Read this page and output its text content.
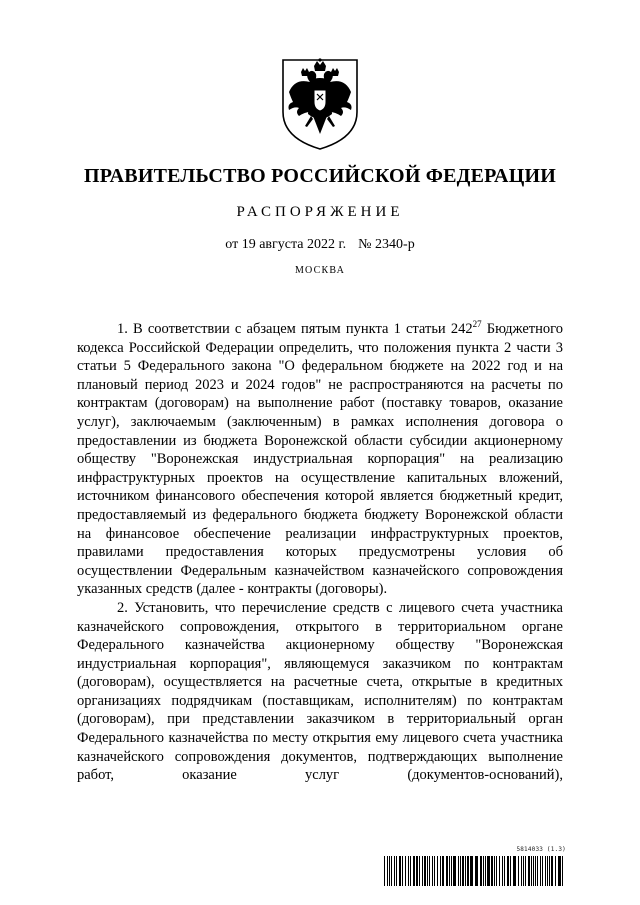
ПРАВИТЕЛЬСТВО РОССИЙСКОЙ ФЕДЕРАЦИИ
РАСПОРЯЖЕНИЕ
от 19 августа 2022 г. № 2340-р
МОСКВА

1. В соответствии с абзацем пятым пункта 1 статьи $242^{27}$ Бюджетного кодекса Российской Федерации определить, что положения пункта 2 части 3 статьи 5 Федерального закона "О федеральном бюджете на 2022 год и на плановый период 2023 и 2024 годов" не распространяются на расчеты по контрактам (договорам) на выполнение работ (поставку товаров, оказание услуг), заключаемым (заключенным) в рамках исполнения договора о предоставлении из бюджета Воронежской области субсидии акционерному обществу "Воронежская индустриальная корпорация" на реализацию инфраструктурных проектов на осуществление капитальных вложений, источником финансового обеспечения которой является бюджетный кредит, предоставляемый из федерального бюджета бюджету Воронежской области на финансовое обеспечение реализации инфраструктурных проектов, правилами предоставления которых предусмотрены условия об осуществлении Федеральным казначейством казначейского сопровождения указанных средств (далее - контракты (договоры).

2. Установить, что перечисление средств с лицевого счета участника казначейского сопровождения, открытого в территориальном органе Федерального казначейства акционерному обществу "Воронежская индустриальная корпорация", являющемуся заказчиком по контрактам (договорам), осуществляется на расчетные счета, открытые в кредитных организациях подрядчикам (поставщикам, исполнителям) по контрактам (договорам), при представлении заказчиком в территориальный орган Федерального казначейства по месту открытия ему лицевого счета участника казначейского сопровождения документов, подтверждающих выполнение работ, оказание услуг (документов-оснований),

5814033 (1.3)
